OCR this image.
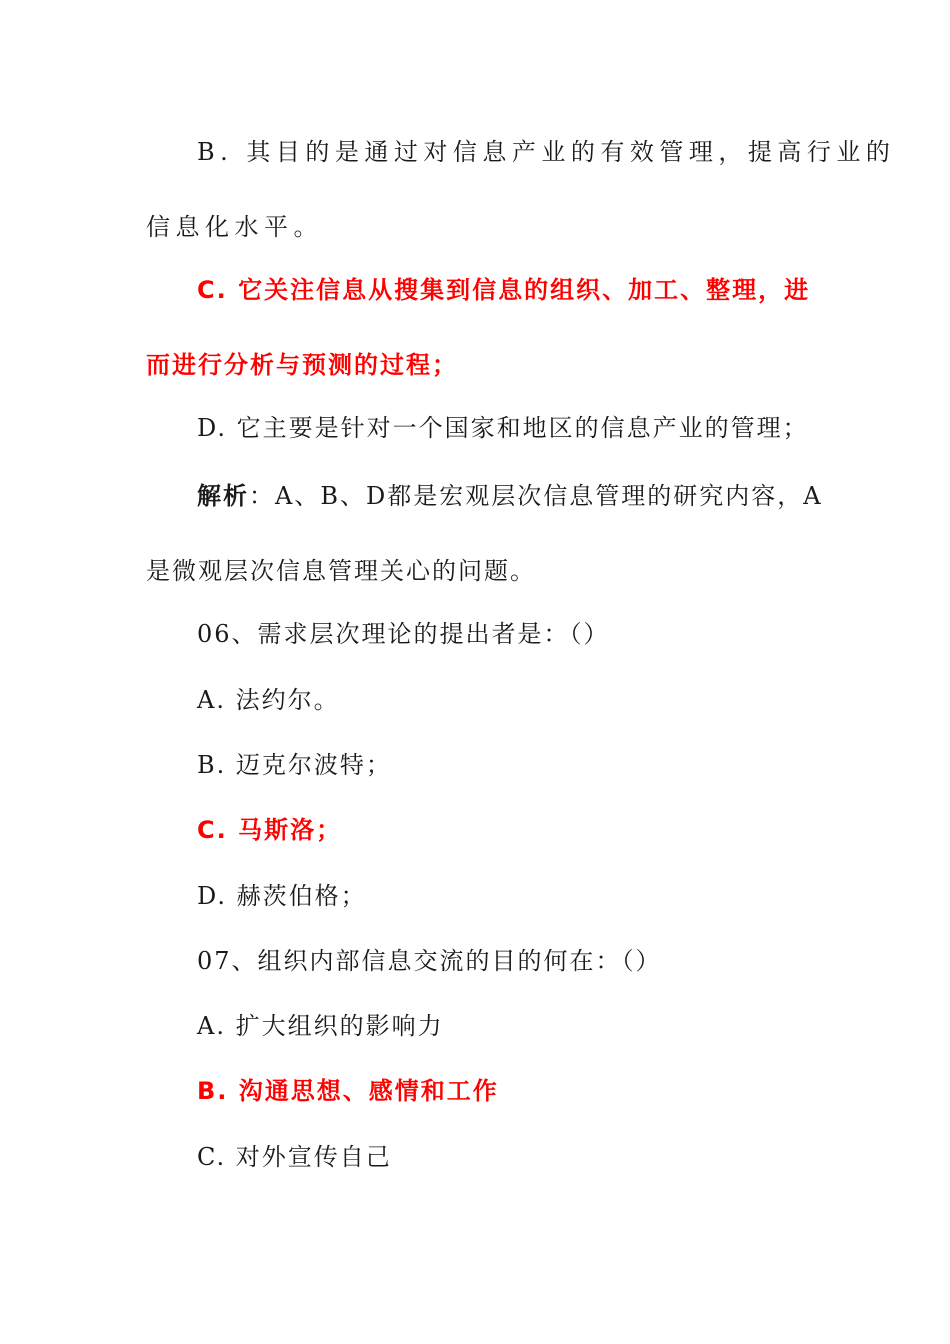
B. 其目的是通过对信息产业的有效管理，提高行业的
信息化水平。
C. 它关注信息从搜集到信息的组织、加工、整理，进
而进行分析与预测的过程；
D. 它主要是针对一个国家和地区的信息产业的管理；
解析：A、B、D都是宏观层次信息管理的研究内容，A
是微观层次信息管理关心的问题。
06、需求层次理论的提出者是：（）
A. 法约尔。
B. 迈克尔波特；
C. 马斯洛；
D. 赫茨伯格；
07、组织内部信息交流的目的何在：（）
A. 扩大组织的影响力
B. 沟通思想、感情和工作
C. 对外宣传自己
